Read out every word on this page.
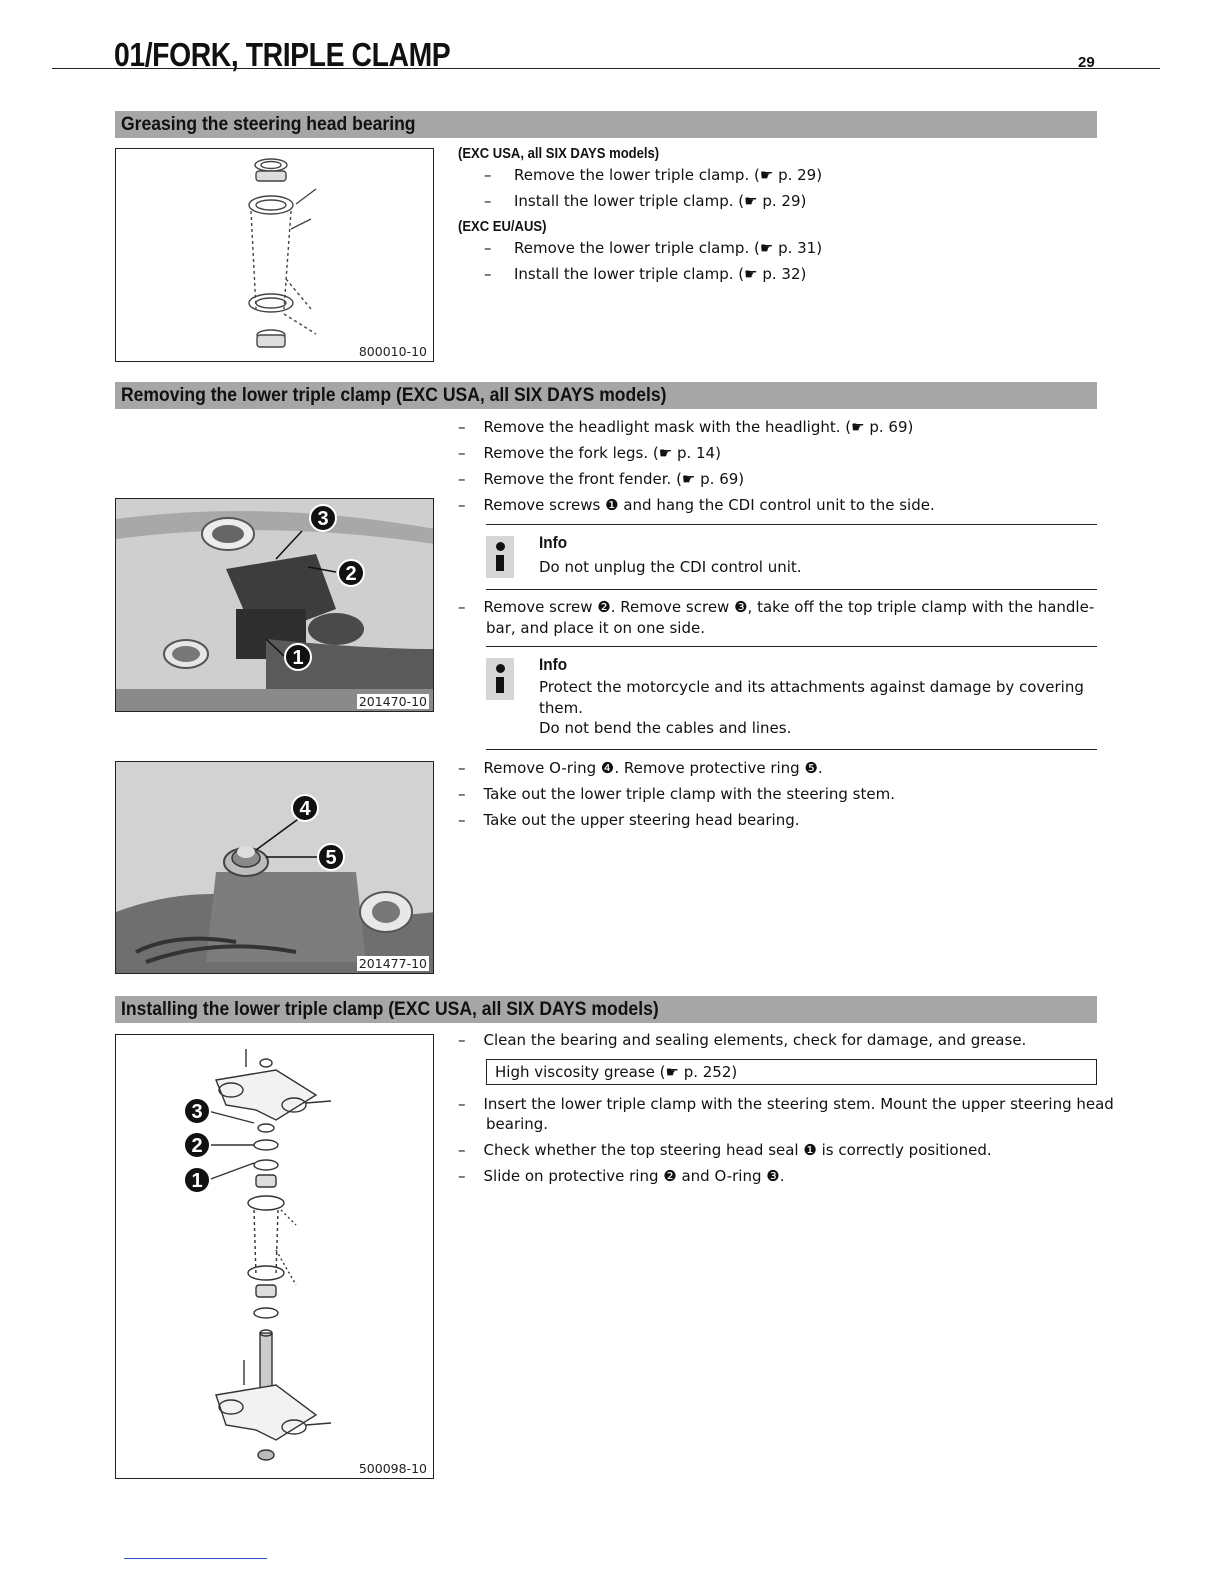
01/FORK, TRIPLE CLAMP	29
Greasing the steering head bearing
800010-10
(EXC USA, all SIX DAYS models)
– Remove the lower triple clamp. (☛ p. 29)
– Install the lower triple clamp. (☛ p. 29)
(EXC EU/AUS)
– Remove the lower triple clamp. (☛ p. 31)
– Install the lower triple clamp. (☛ p. 32)
Removing the lower triple clamp (EXC USA, all SIX DAYS models)
– Remove the headlight mask with the headlight. (☛ p. 69)
– Remove the fork legs. (☛ p. 14)
– Remove the front fender. (☛ p. 69)
– Remove screws ❶ and hang the CDI control unit to the side.
Info
Do not unplug the CDI control unit.
– Remove screw ❷. Remove screw ❸, take off the top triple clamp with the handle-
bar, and place it on one side.
Info
Protect the motorcycle and its attachments against damage by covering
them.
Do not bend the cables and lines.
– Remove O-ring ❹. Remove protective ring ❺.
– Take out the lower triple clamp with the steering stem.
– Take out the upper steering head bearing.
3
2
1
201470-10
4
5
201477-10
Installing the lower triple clamp (EXC USA, all SIX DAYS models)
3
2
1
500098-10
– Clean the bearing and sealing elements, check for damage, and grease.
High viscosity grease (☛ p. 252)
– Insert the lower triple clamp with the steering stem. Mount the upper steering head
bearing.
– Check whether the top steering head seal ❶ is correctly positioned.
– Slide on protective ring ❷ and O-ring ❸.
